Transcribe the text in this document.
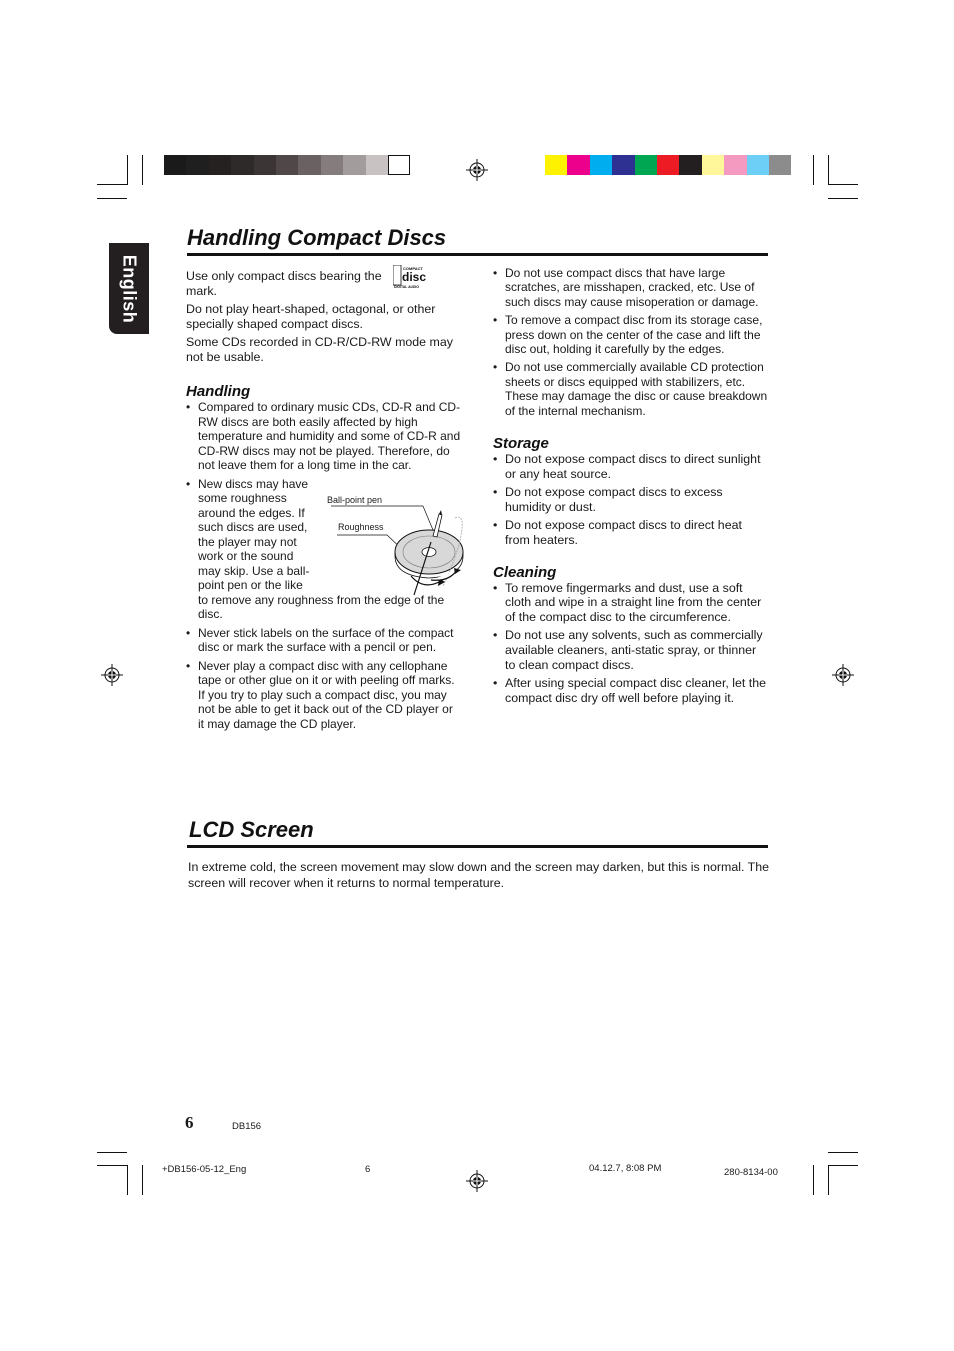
English
Handling Compact Discs
Use only compact discs bearing the
COMPACT
disc
DIGITAL AUDIO

mark.
Do not play heart-shaped, octagonal, or other specially shaped compact discs.
Some CDs recorded in CD-R/CD-RW mode may not be usable.
Handling
• Compared to ordinary music CDs, CD-R and CD-RW discs are both easily affected by high temperature and humidity and some of CD-R and CD-RW discs may not be played. Therefore, do not leave them for a long time in the car.
• New discs may have
some roughness
around the edges. If
such discs are used,
the player may not
work or the sound
may skip. Use a ball-
point pen or the like
to remove any roughness from the edge of the disc.
• Never stick labels on the surface of the compact disc or mark the surface with a pencil or pen.
• Never play a compact disc with any cellophane tape or other glue on it or with peeling off marks. If you try to play such a compact disc, you may not be able to get it back out of the CD player or it may damage the CD player.
Ball-point pen
Roughness
• Do not use compact discs that have large scratches, are misshapen, cracked, etc. Use of such discs may cause misoperation or damage.
• To remove a compact disc from its storage case, press down on the center of the case and lift the disc out, holding it carefully by the edges.
• Do not use commercially available CD protection sheets or discs equipped with stabilizers, etc. These may damage the disc or cause breakdown of the internal mechanism.
Storage
• Do not expose compact discs to direct sunlight or any heat source.
• Do not expose compact discs to excess humidity or dust.
• Do not expose compact discs to direct heat from heaters.
Cleaning
• To remove fingermarks and dust, use a soft cloth and wipe in a straight line from the center of the compact disc to the circumference.
• Do not use any solvents, such as commercially available cleaners, anti-static spray, or thinner to clean compact discs.
• After using special compact disc cleaner, let the compact disc dry off well before playing it.
LCD Screen
In extreme cold, the screen movement may slow down and the screen may darken, but this is normal. The screen will recover when it returns to normal temperature.
6	DB156
+DB156-05-12_Eng	6	04.12.7, 8:08 PM	280-8134-00
